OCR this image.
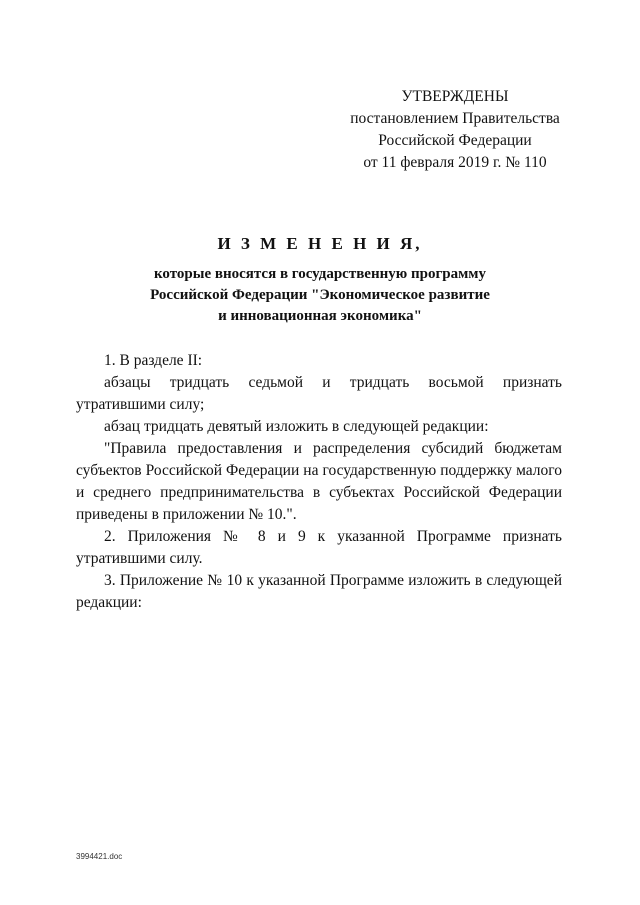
УТВЕРЖДЕНЫ
постановлением Правительства
Российской Федерации
от 11 февраля 2019 г. № 110
И З М Е Н Е Н И Я,
которые вносятся в государственную программу
Российской Федерации "Экономическое развитие
и инновационная экономика"

1. В разделе II:

абзацы тридцать седьмой и тридцать восьмой признать утратившими силу;

абзац тридцать девятый изложить в следующей редакции:

"Правила предоставления и распределения субсидий бюджетам субъектов Российской Федерации на государственную поддержку малого и среднего предпринимательства в субъектах Российской Федерации приведены в приложении № 10.".

2. Приложения № 8 и 9 к указанной Программе признать утратившими силу.

3. Приложение № 10 к указанной Программе изложить в следующей редакции:

3994421.doc
